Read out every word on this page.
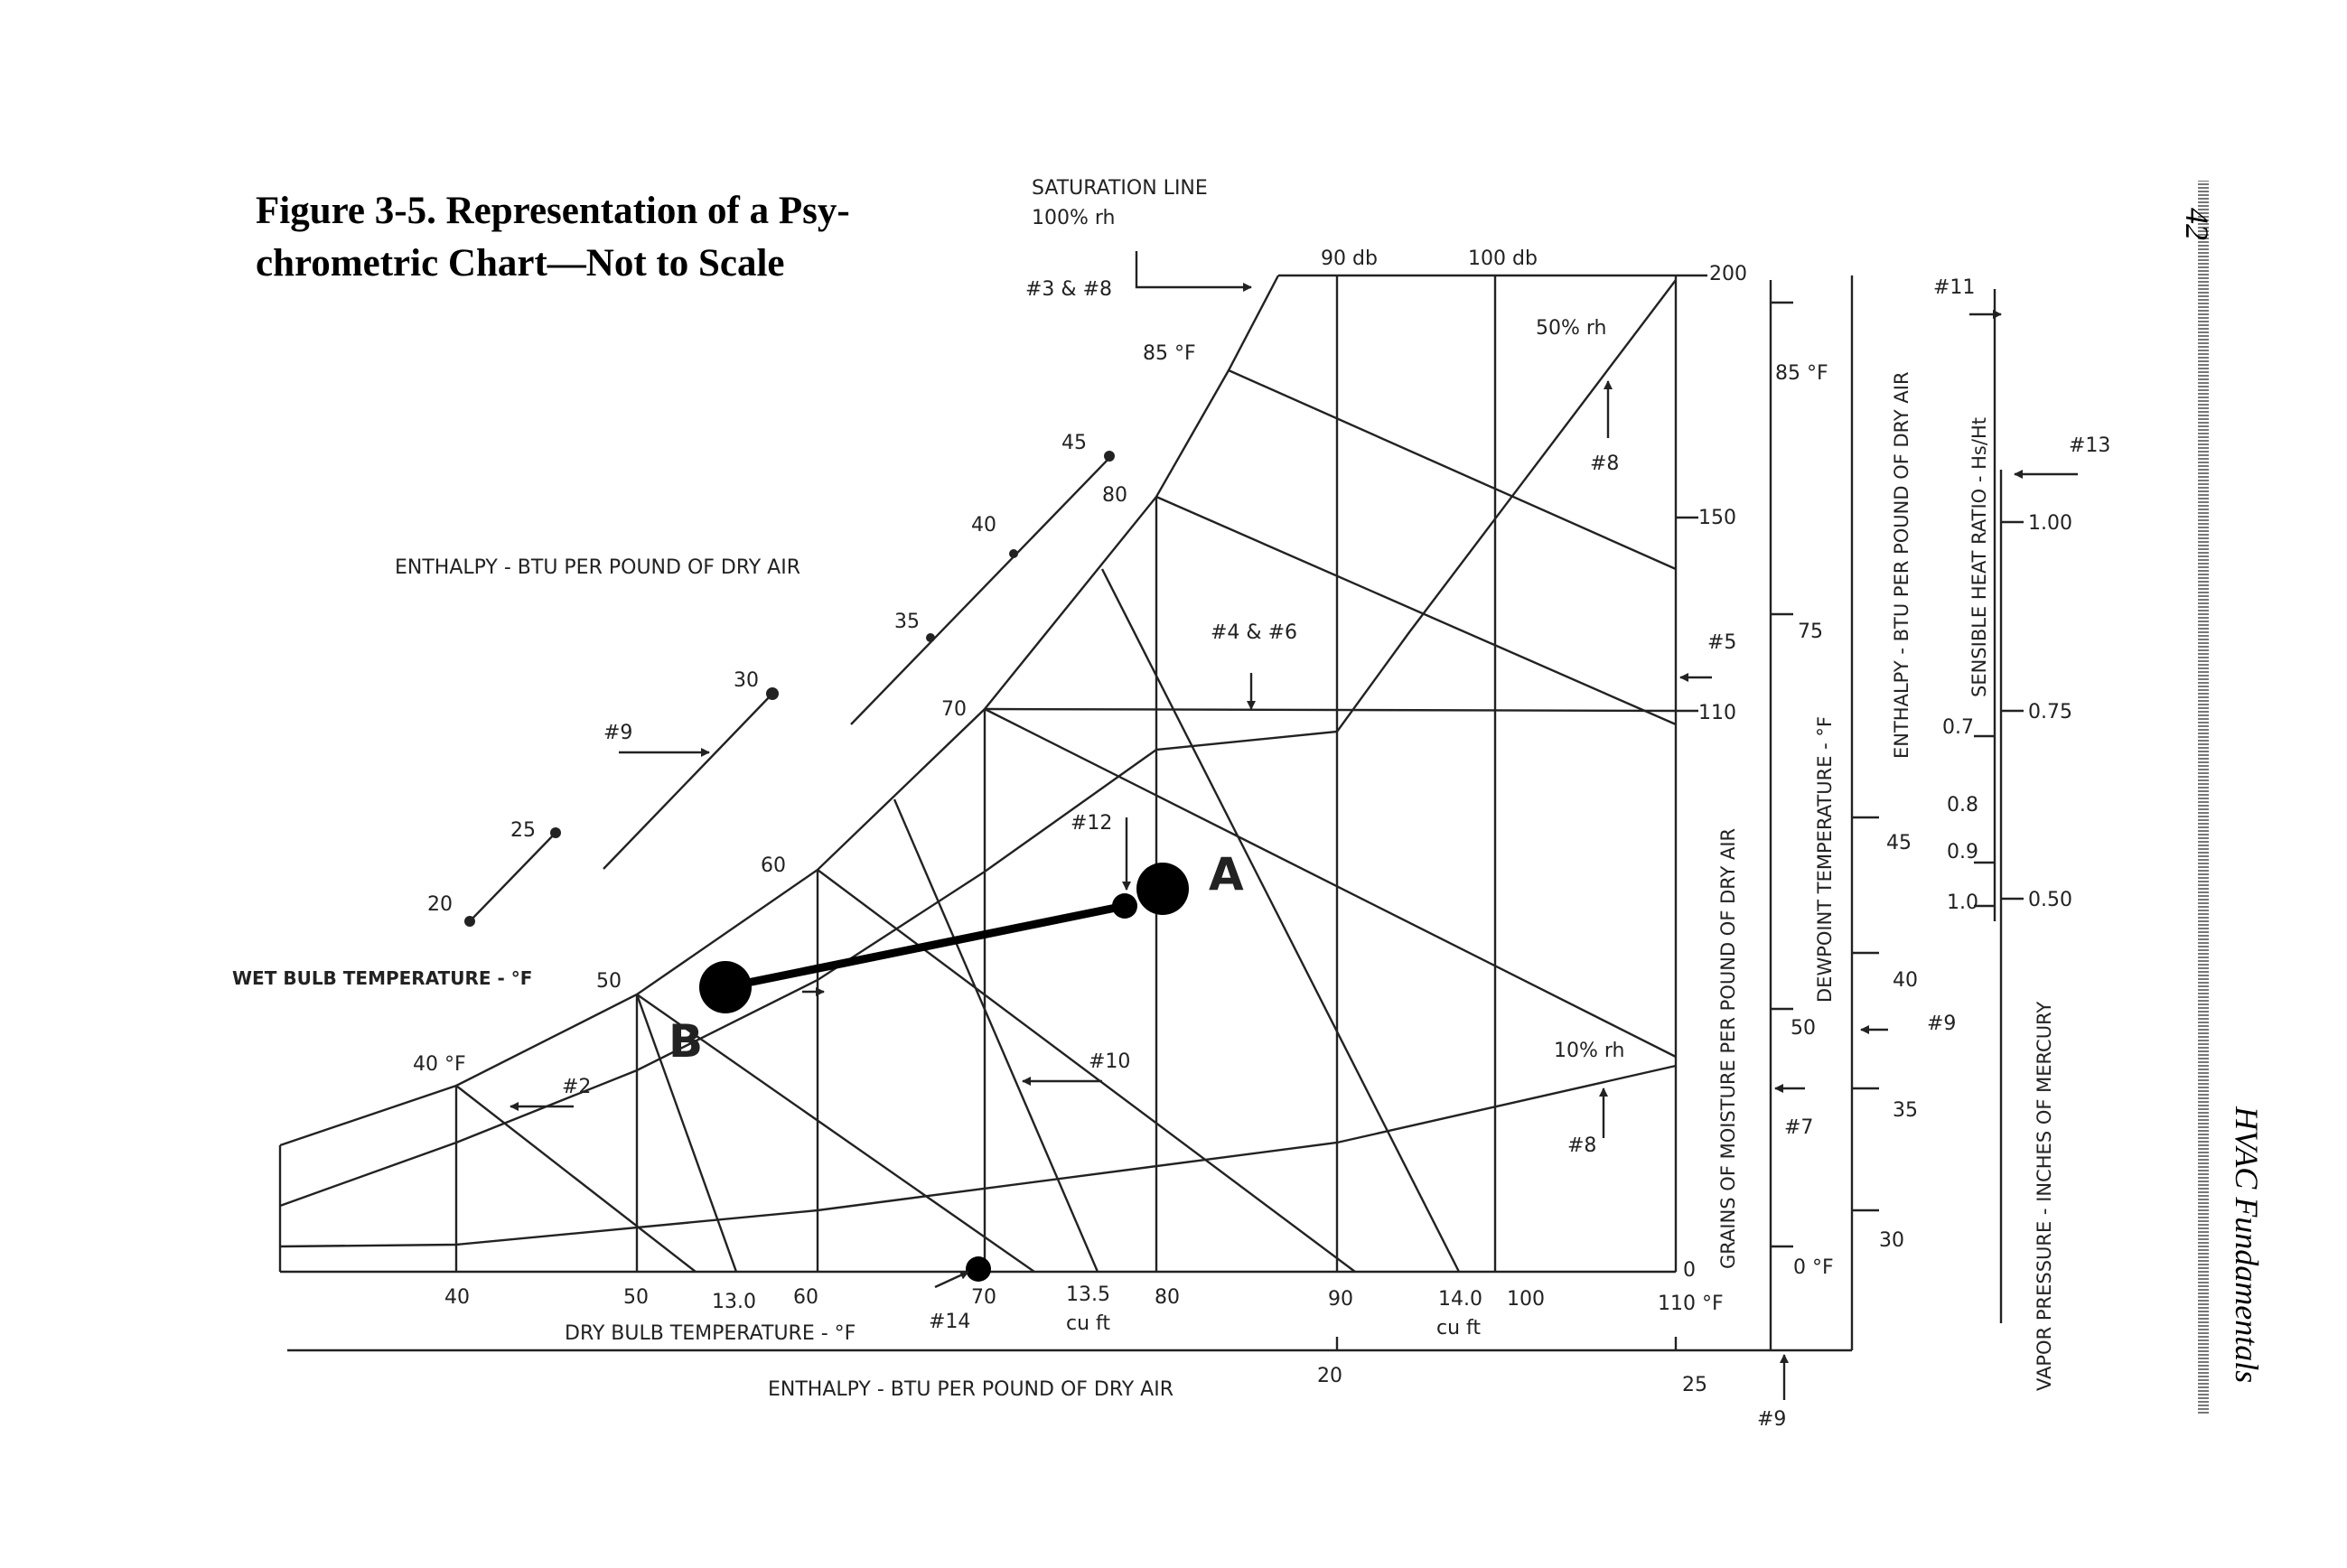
Figure 3-5. Representation of a Psy-
chrometric Chart—Not to Scale
42
HVAC Fundamentals
A
B
SATURATION LINE
100% rh
#3 & #8
90 db	100 db
50% rh
#8
85 °F
80
70
60
50
40 °F
WET BULB TEMPERATURE - °F
ENTHALPY - BTU PER POUND OF DRY AIR
20
25
30
35
40
45
#9
#4 & #6	#5
#12
#2
#10	10% rh
#8
#7
#14
#9
#9
#11
#13
40	50	13.0 60	70	13.5
cu ft
80	90	14.0
cu ft
100	110 °F
DRY BULB TEMPERATURE - °F
ENTHALPY - BTU PER POUND OF DRY AIR
20	25
200
150
110
0
85 °F
75
50
0 °F
45
40
35
30
0.7
0.8
0.9
1.0
1.00
0.75
0.50
GRAINS OF MOISTURE PER POUND OF DRY AIR	DEWPOINT TEMPERATURE - °F
ENTHALPY - BTU PER POUND OF DRY AIR	SENSIBLE HEAT RATIO - Hs/Ht
VAPOR PRESSURE - INCHES OF MERCURY
